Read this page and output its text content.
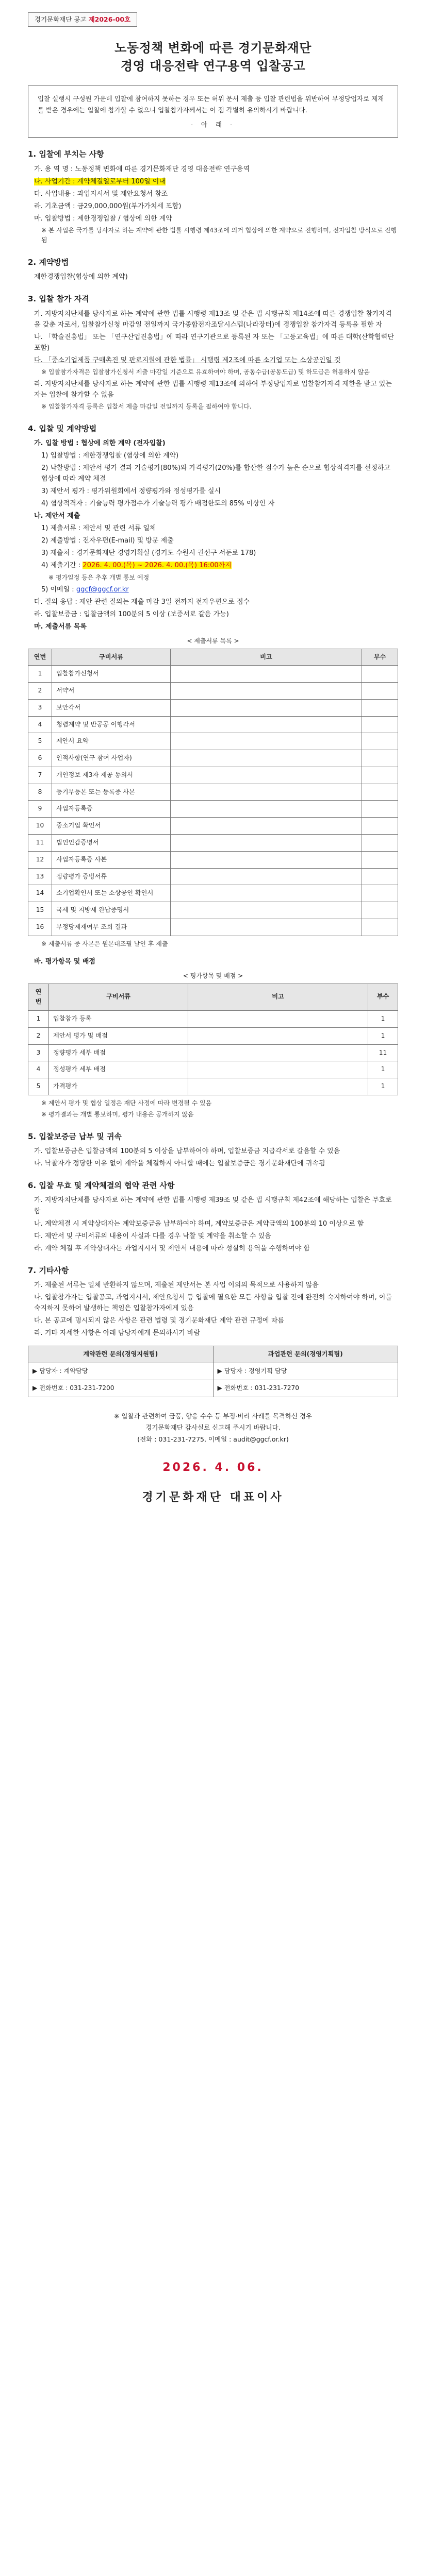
경기문화재단 공고 제2026-00호
노동정책 변화에 따른 경기문화재단
경영 대응전략 연구용역 입찰공고
입찰 실행시 구성원 가운데 입찰에 참여하지 못하는 경우 또는 허위 문서 제출 등 입찰 관련법을 위반하여 부정당업자로 제재를 받은 경우에는 입찰에 참가할 수 없으니 입찰참가자께서는 이 점 각별히 유의하시기 바랍니다.
- 아 래 -
1. 입찰에 부치는 사항
가. 용 역 명 : 노동정책 변화에 따른 경기문화재단 경영 대응전략 연구용역
나. 사업기간 : 계약체결일로부터 100일 이내
다. 사업내용 : 과업지시서 및 제안요청서 참조
라. 기초금액 : 금29,000,000원(부가가치세 포함)
마. 입찰방법 : 제한경쟁입찰 / 협상에 의한 계약
※ 본 사업은 국가를 당사자로 하는 계약에 관한 법률 시행령 제43조에 의거 협상에 의한 계약으로 진행하며, 전자입찰 방식으로 진행됨
2. 계약방법
제한경쟁입찰(협상에 의한 계약)
3. 입찰 참가 자격
가. 지방자치단체를 당사자로 하는 계약에 관한 법률 시행령 제13조 및 같은 법 시행규칙 제14조에 따른 경쟁입찰 참가자격을 갖춘 자로서, 입찰참가신청 마감일 전일까지 국가종합전자조달시스템(나라장터)에 경쟁입찰 참가자격 등록을 필한 자
나. 「학술진흥법」 또는 「연구산업진흥법」에 따라 연구기관으로 등록된 자 또는 「고등교육법」에 따른 대학(산학협력단 포함)
다. 「중소기업제품 구매촉진 및 판로지원에 관한 법률」 시행령 제2조에 따른 소기업 또는 소상공인일 것
※ 입찰참가자격은 입찰참가신청서 제출 마감일 기준으로 유효하여야 하며, 공동수급(공동도급) 및 하도급은 허용하지 않음
라. 지방자치단체를 당사자로 하는 계약에 관한 법률 시행령 제13조에 의하여 부정당업자로 입찰참가자격 제한을 받고 있는 자는 입찰에 참가할 수 없음
※ 입찰참가자격 등록은 입찰서 제출 마감일 전일까지 등록을 필하여야 합니다.
4. 입찰 및 계약방법
가. 입찰 방법 : 협상에 의한 계약 (전자입찰)
1) 입찰방법 : 제한경쟁입찰 (협상에 의한 계약)
2) 낙찰방법 : 제안서 평가 결과 기술평가(80%)와 가격평가(20%)를 합산한 점수가 높은 순으로 협상적격자를 선정하고 협상에 따라 계약 체결
3) 제안서 평가 : 평가위원회에서 정량평가와 정성평가를 실시
4) 협상적격자 : 기술능력 평가점수가 기술능력 평가 배점한도의 85% 이상인 자
나. 제안서 제출
1) 제출서류 : 제안서 및 관련 서류 일체
2) 제출방법 : 전자우편(E-mail) 및 방문 제출
3) 제출처 : 경기문화재단 경영기획실 (경기도 수원시 권선구 서둔로 178)
4) 제출기간 : 2026. 4. 00.(목) ~ 2026. 4. 00.(목) 16:00까지
※ 평가일정 등은 추후 개별 통보 예정
5) 이메일 : ggcf@ggcf.or.kr
다. 질의 응답 : 제안 관련 질의는 제출 마감 3일 전까지 전자우편으로 접수
라. 입찰보증금 : 입찰금액의 100분의 5 이상 (보증서로 갈음 가능)
마. 제출서류 목록
< 제출서류 목록 >
연번	구비서류	비고	부수
1	입찰참가신청서		
2	서약서		
3	보안각서		
4	청렴계약 및 반공공 이행각서		
5	제안서 요약		
6	인적사항(연구 참여 사업자)		
7	개인정보 제3자 제공 동의서		
8	등기부등본 또는 등록증 사본		
9	사업자등록증		
10	중소기업 확인서		
11	법인인감증명서		
12	사업자등록증 사본		
13	정량평가 증빙서류		
14	소기업확인서 또는 소상공인 확인서		
15	국세 및 지방세 완납증명서		
16	부정당제재여부 조회 결과		
※ 제출서류 중 사본은 원본대조필 날인 후 제출
바. 평가항목 및 배점
< 평가항목 및 배점 >
연번	구비서류	비고	부수
1	입찰참가 등록		1
2	제안서 평가 및 배점		1
3	정량평가 세부 배점		11
4	정성평가 세부 배점		1
5	가격평가		1
※ 제안서 평가 및 협상 일정은 재단 사정에 따라 변경될 수 있음
※ 평가결과는 개별 통보하며, 평가 내용은 공개하지 않음
5. 입찰보증금 납부 및 귀속
가. 입찰보증금은 입찰금액의 100분의 5 이상을 납부하여야 하며, 입찰보증금 지급각서로 갈음할 수 있음
나. 낙찰자가 정당한 이유 없이 계약을 체결하지 아니할 때에는 입찰보증금은 경기문화재단에 귀속됨
6. 입찰 무효 및 계약체결의 협약 관련 사항
가. 지방자치단체를 당사자로 하는 계약에 관한 법률 시행령 제39조 및 같은 법 시행규칙 제42조에 해당하는 입찰은 무효로 함
나. 계약체결 시 계약상대자는 계약보증금을 납부하여야 하며, 계약보증금은 계약금액의 100분의 10 이상으로 함
다. 제안서 및 구비서류의 내용이 사실과 다를 경우 낙찰 및 계약을 취소할 수 있음
라. 계약 체결 후 계약상대자는 과업지시서 및 제안서 내용에 따라 성실히 용역을 수행하여야 함
7. 기타사항
가. 제출된 서류는 일체 반환하지 않으며, 제출된 제안서는 본 사업 이외의 목적으로 사용하지 않음
나. 입찰참가자는 입찰공고, 과업지시서, 제안요청서 등 입찰에 필요한 모든 사항을 입찰 전에 완전히 숙지하여야 하며, 이를 숙지하지 못하여 발생하는 책임은 입찰참가자에게 있음
다. 본 공고에 명시되지 않은 사항은 관련 법령 및 경기문화재단 계약 관련 규정에 따름
라. 기타 자세한 사항은 아래 담당자에게 문의하시기 바람
계약관련 문의(경영지원팀)	과업관련 문의(경영기획팀)
▶ 담당자 : 계약담당	▶ 담당자 : 경영기획 담당
▶ 전화번호 : 031-231-7200	▶ 전화번호 : 031-231-7270
※ 입찰과 관련하여 금품, 향응 수수 등 부정·비리 사례를 목격하신 경우
경기문화재단 감사실로 신고해 주시기 바랍니다.
(전화 : 031-231-7275, 이메일 : audit@ggcf.or.kr)
2026. 4. 06.
경기문화재단 대표이사
